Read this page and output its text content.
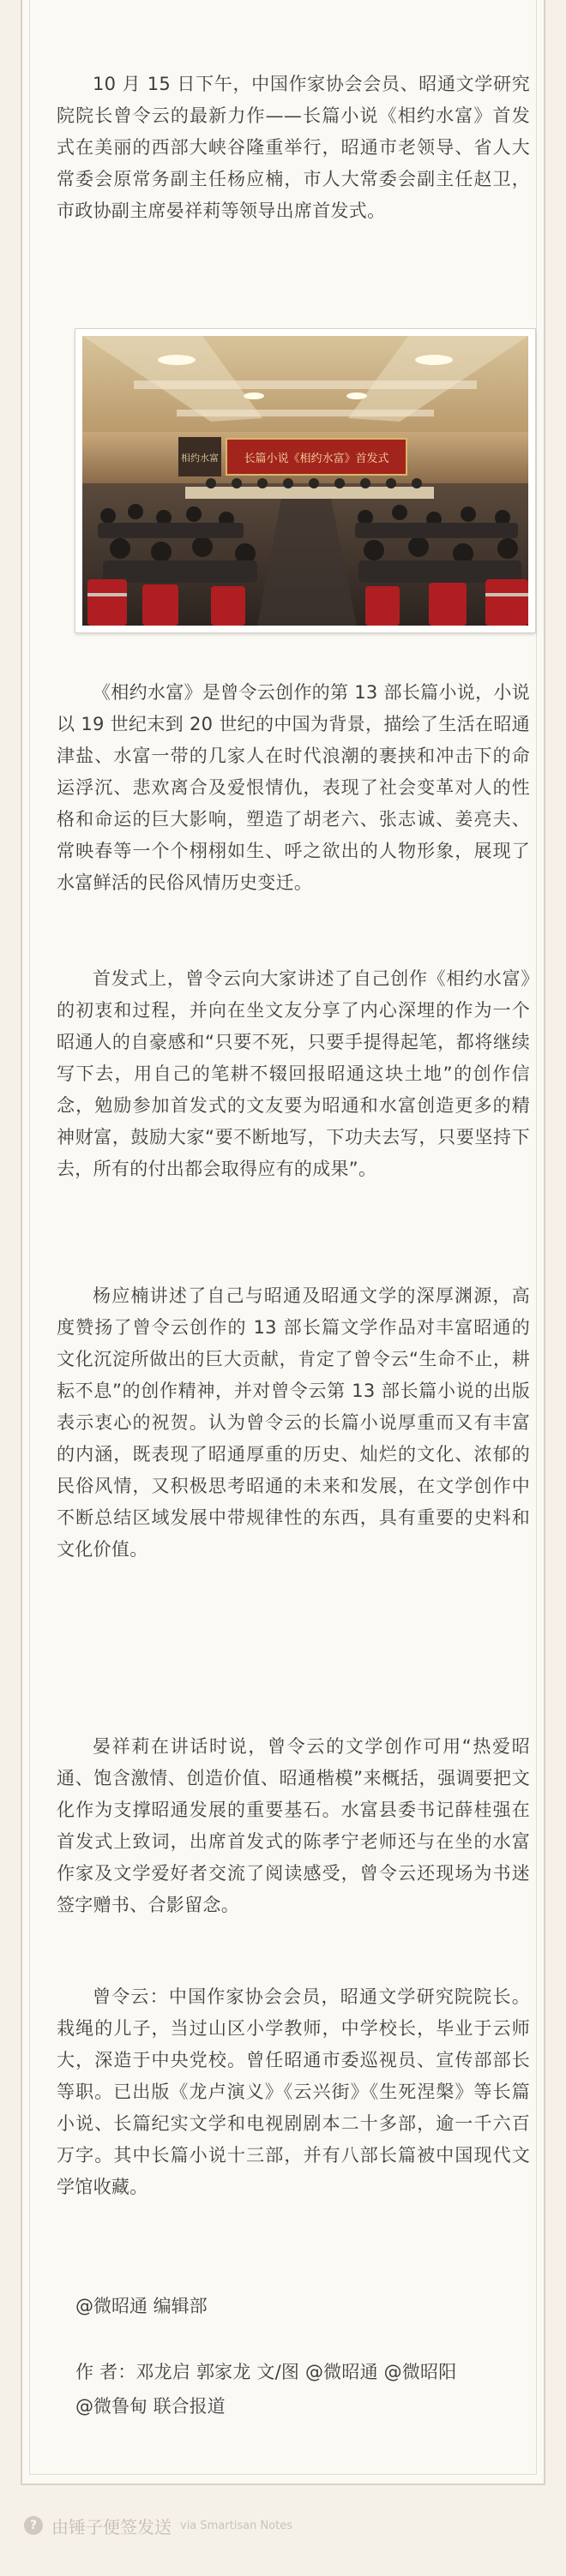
10 月 15 日下午，中国作家协会会员、昭通文学研究院院长曾令云的最新力作——长篇小说《相约水富》首发式在美丽的西部大峡谷隆重举行，昭通市老领导、省人大常委会原常务副主任杨应楠，市人大常委会副主任赵卫，市政协副主席晏祥莉等领导出席首发式。

长篇小说《相约水富》首发式
相约水富

《相约水富》是曾令云创作的第 13 部长篇小说，小说以 19 世纪末到 20 世纪的中国为背景，描绘了生活在昭通津盐、水富一带的几家人在时代浪潮的裹挟和冲击下的命运浮沉、悲欢离合及爱恨情仇，表现了社会变革对人的性格和命运的巨大影响，塑造了胡老六、张志诚、姜亮夫、常映春等一个个栩栩如生、呼之欲出的人物形象，展现了水富鲜活的民俗风情历史变迁。

首发式上，曾令云向大家讲述了自己创作《相约水富》的初衷和过程，并向在坐文友分享了内心深埋的作为一个昭通人的自豪感和“只要不死，只要手提得起笔，都将继续写下去，用自己的笔耕不辍回报昭通这块土地”的创作信念，勉励参加首发式的文友要为昭通和水富创造更多的精神财富，鼓励大家“要不断地写，下功夫去写，只要坚持下去，所有的付出都会取得应有的成果”。

杨应楠讲述了自己与昭通及昭通文学的深厚渊源，高度赞扬了曾令云创作的 13 部长篇文学作品对丰富昭通的文化沉淀所做出的巨大贡献，肯定了曾令云“生命不止，耕耘不息”的创作精神，并对曾令云第 13 部长篇小说的出版表示衷心的祝贺。认为曾令云的长篇小说厚重而又有丰富的内涵，既表现了昭通厚重的历史、灿烂的文化、浓郁的民俗风情，又积极思考昭通的未来和发展，在文学创作中不断总结区域发展中带规律性的东西，具有重要的史料和文化价值。

晏祥莉在讲话时说，曾令云的文学创作可用“热爱昭通、饱含激情、创造价值、昭通楷模”来概括，强调要把文化作为支撑昭通发展的重要基石。水富县委书记薛桂强在首发式上致词，出席首发式的陈孝宁老师还与在坐的水富作家及文学爱好者交流了阅读感受，曾令云还现场为书迷签字赠书、合影留念。

曾令云：中国作家协会会员，昭通文学研究院院长。栽绳的儿子，当过山区小学教师，中学校长，毕业于云师大，深造于中央党校。曾任昭通市委巡视员、宣传部部长等职。已出版《龙卢演义》《云兴街》《生死涅槃》等长篇小说、长篇纪实文学和电视剧剧本二十多部，逾一千六百万字。其中长篇小说十三部，并有八部长篇被中国现代文学馆收藏。

@微昭通 编辑部

作 者：邓龙启 郭家龙 文/图 @微昭通 @微昭阳

@微鲁甸 联合报道

? 由锤子便签发送 via Smartisan Notes
